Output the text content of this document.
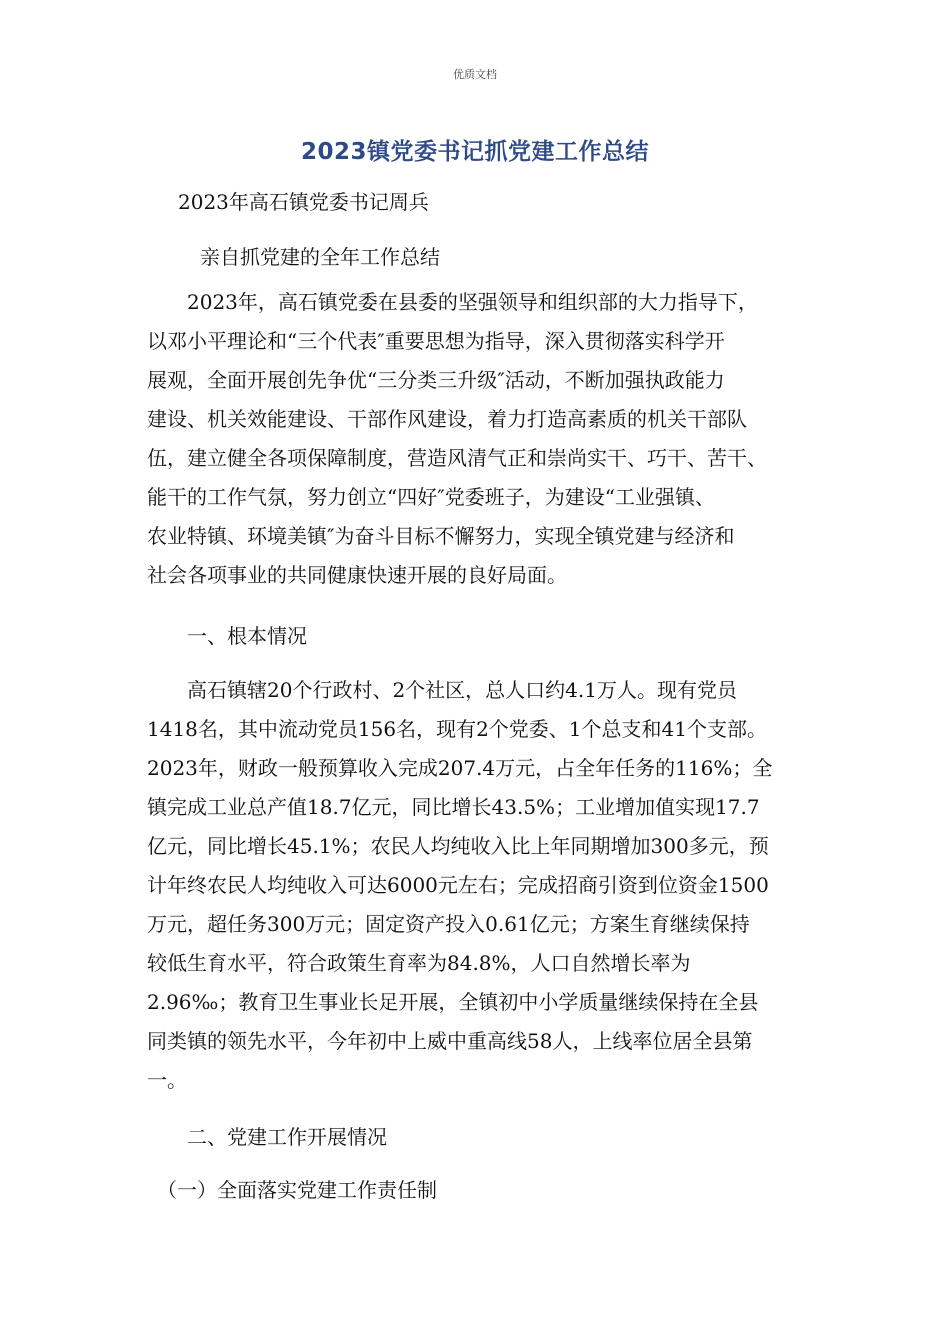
优质文档
2023镇党委书记抓党建工作总结
2023年高石镇党委书记周兵
亲自抓党建的全年工作总结
　　2023年，高石镇党委在县委的坚强领导和组织部的大力指导下，
以邓小平理论和“三个代表″重要思想为指导，深入贯彻落实科学开
展观，全面开展创先争优“三分类三升级″活动，不断加强执政能力
建设、机关效能建设、干部作风建设，着力打造高素质的机关干部队
伍，建立健全各项保障制度，营造风清气正和崇尚实干、巧干、苦干、
能干的工作气氛，努力创立“四好″党委班子，为建设“工业强镇、
农业特镇、环境美镇″为奋斗目标不懈努力，实现全镇党建与经济和
社会各项事业的共同健康快速开展的良好局面。
　　一、根本情况
　　高石镇辖20个行政村、2个社区，总人口约4.1万人。现有党员
1418名，其中流动党员156名，现有2个党委、1个总支和41个支部。
2023年，财政一般预算收入完成207.4万元，占全年任务的116%；全
镇完成工业总产值18.7亿元，同比增长43.5%；工业增加值实现17.7
亿元，同比增长45.1%；农民人均纯收入比上年同期增加300多元，预
计年终农民人均纯收入可达6000元左右；完成招商引资到位资金1500
万元，超任务300万元；固定资产投入0.61亿元；方案生育继续保持
较低生育水平，符合政策生育率为84.8%，人口自然增长率为
2.96‰；教育卫生事业长足开展，全镇初中小学质量继续保持在全县
同类镇的领先水平，今年初中上威中重高线58人，上线率位居全县第
一。
　　二、党建工作开展情况
　（一）全面落实党建工作责任制
